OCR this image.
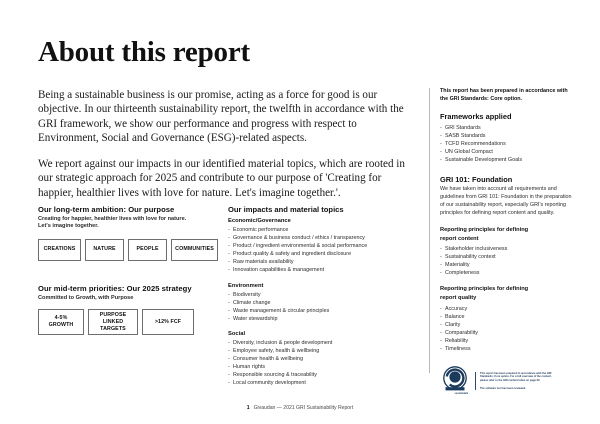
About this report

Being a sustainable business is our promise, acting as a force for good is our objective. In our thirteenth sustainability report, the twelfth in accordance with the GRI framework, we show our performance and progress with respect to Environment, Social and Governance (ESG)-related aspects.

We report against our impacts in our identified material topics, which are rooted in our strategic approach for 2025 and contribute to our purpose of 'Creating for happier, healthier lives with love for nature. Let's imagine together.'.

Our long-term ambition: Our purpose

Creating for happier, healthier lives with love for nature.

Let's imagine together.

CREATIONS	NATURE	PEOPLE	COMMUNITIES
Our mid-term priorities: Our 2025 strategy

Committed to Growth, with Purpose

4-5%
GROWTH
PURPOSE
LINKED
TARGETS
>12% FCF
Our impacts and material topics

Economic/Governance

- Economic performance
- Governance & business conduct / ethics / transparency
- Product / ingredient environmental & social performance
- Product quality & safety and ingredient disclosure
- Raw materials availability
- Innovation capabilities & management

Environment

- Biodiversity
- Climate change
- Waste management & circular principles
- Water stewardship

Social

- Diversity, inclusion & people development
- Employee safety, health & wellbeing
- Consumer health & wellbeing
- Human rights
- Responsible sourcing & traceability
- Local community development

This report has been prepared in accordance with the GRI Standards: Core option.

Frameworks applied
- GRI Standards
- SASB Standards
- TCFD Recommendations
- UN Global Compact
- Sustainable Development Goals
GRI 101: Foundation

We have taken into account all requirements and guidelines from GRI 101: Foundation in the preparation of our sustainability report, especially GRI's reporting principles for defining report content and quality.

Reporting principles for defining

report content

- Stakeholder inclusiveness
- Sustainability context
- Materiality
- Completeness

Reporting principles for defining

report quality

- Accuracy
- Balance
- Clarity
- Comparability
- Reliability
- Timeliness
sustainable

This report has been prepared in accordance with the GRI Standards: Core option. For a full overview of the content, please refer to the GRI content index on page 62.

The software tool has been reviewed.

1 Givaudan — 2021 GRI Sustainability Report
